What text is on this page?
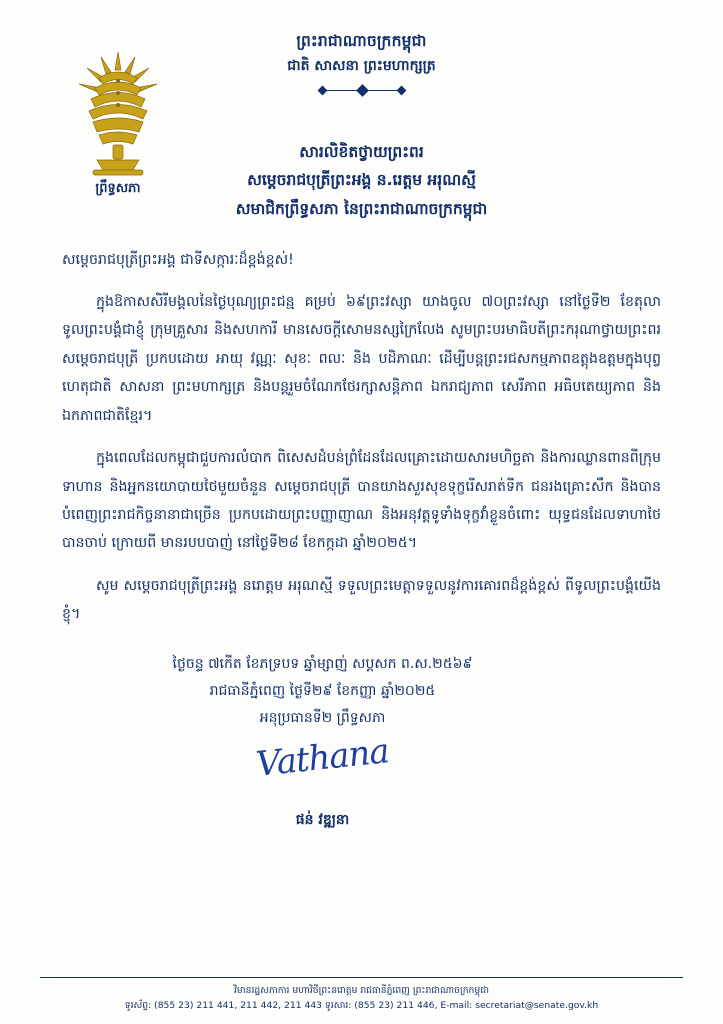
ព្រះរាជាណាចក្រកម្ពុជា
ជាតិ សាសនា ព្រះមហាក្សត្រ
ព្រឹទ្ធសភា
សារលិខិតថ្វាយព្រះពរ
សម្តេចរាជបុត្រីព្រះអង្គ ន.រេត្តម អរុណស្មី
សមាជិកព្រឹទ្ធសភា នៃព្រះរាជាណាចក្រកម្ពុជា

សម្តេចរាជបុត្រីព្រះអង្គ ជាទីសក្ការៈដ៏ខ្ពង់ខ្ពស់!

ក្នុងឱកាសសិរីមង្គលនៃថ្ងៃបុណ្យព្រះជន្ម គម្រប់ ៦៩ព្រះវស្សា យាងចូល ៧០ព្រះវស្សា នៅថ្ងៃទី២ ខែតុលា ទូលព្រះបង្គំជាខ្ញុំ ក្រុមគ្រួសារ និងសហការី មានសេចក្តីសោមនស្សក្រៃលែង សូមព្រះបរមាធិបតីព្រះករុណាថ្វាយព្រះពរ សម្តេចរាជបុត្រី ប្រកបដោយ អាយុ វណ្ណៈ សុខៈ ពលៈ និង បដិភាណៈ ដើម្បីបន្តព្រះរជសកម្មភាពឧត្តុងឧត្តមក្នុងបុព្វហេតុជាតិ សាសនា ព្រះមហាក្សត្រ និងបន្តរួមចំណែកថែរក្សាសន្តិភាព ឯករាជ្យភាព សេរីភាព អធិបតេយ្យភាព និងឯកភាពជាតិខ្មែរ។

ក្នុងពេលដែលកម្ពុជាជួបការលំបាក ពិសេសដំបន់ព្រំដែនដែលគ្រោះដោយសារមហិច្ឆតា និងការឈ្លានពានពីក្រុមទាហាន និងអ្នកនយោបាយថៃមួយចំនួន សម្តេចរាជបុត្រី បានយាងសួរសុខទុក្ខរើសរាត់ទីក ជនរងគ្រោះសឹក និងបានបំពេញព្រះរាជកិច្ចនានាជាច្រើន ប្រកបដោយព្រះបញ្ញាញាណ និងអនុវត្តទូទាំងទុក្ខវាំខ្លួនចំពោះ យុទ្ធជនដែលទាហាថៃបានចាប់ ក្រោយពី មានរបបបាញ់ នៅថ្ងៃទី២៨ ខែកក្កដា ឆ្នាំ២០២៥។

សូម សម្តេចរាជបុត្រីព្រះអង្គ នរោត្តម អរុណស្មី ទទួលព្រះមេត្តាទទួលនូវការគោរពដ៏ខ្ពង់ខ្ពស់ ពីទូលព្រះបង្គំយើងខ្ញុំ។

ថ្ងៃចន្ទ ៧កើត ខែភទ្របទ ឆ្នាំម្សាញ់ សប្តសក ព.ស.២៥៦៩
រាជធានីភ្នំពេញ ថ្ងៃទី២៩ ខែកញ្ញា ឆ្នាំ២០២៥
អនុប្រធានទី២ ព្រឹទ្ធសភា
Vathana
ផន់ វឌ្ឍនា
វិមានរដ្ឋសភាការ មហាវិថីព្រះនរោត្តម រាជធានីភ្នំពេញ ព្រះរាជាណាចក្រកម្ពុជា
ទូរស័ព្ទ: (855 23) 211 441, 211 442, 211 443 ទូរសារ: (855 23) 211 446, E-mail: secretariat@senate.gov.kh
